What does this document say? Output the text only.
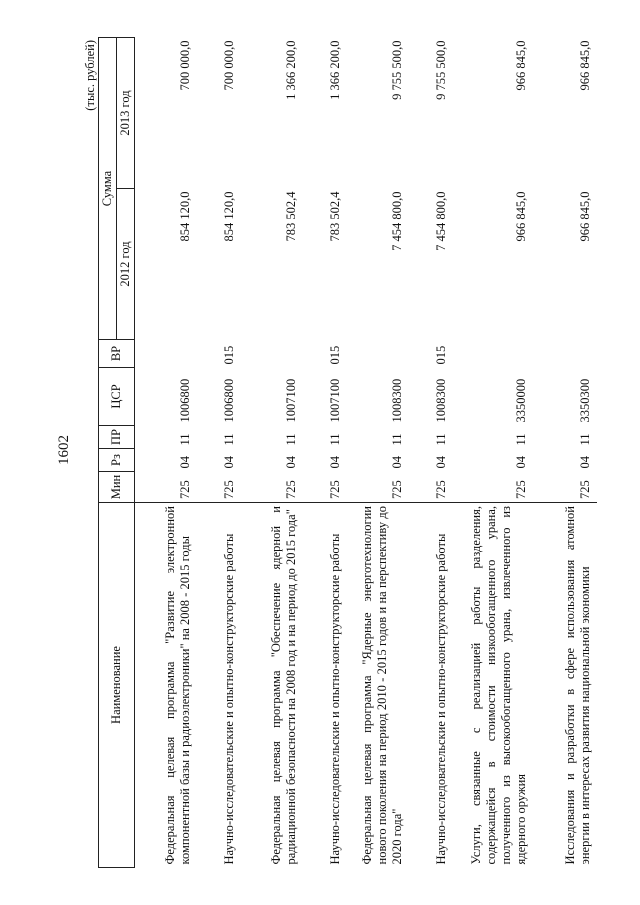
1602
(тыс. рублей)
Наименование	Мин	Рз	ПР	ЦСР	ВР	Сумма	
						2012 год	2013 год
Федеральная целевая программа "Развитие электронной компонентной базы и радиоэлектроники" на 2008 - 2015 годы	725	04	11	1006800		854 120,0	700 000,0
Научно-исследовательские и опытно-конструкторские работы	725	04	11	1006800	015	854 120,0	700 000,0
Федеральная целевая программа "Обеспечение ядерной и радиационной безопасности на 2008 год и на период до 2015 года"	725	04	11	1007100		783 502,4	1 366 200,0
Научно-исследовательские и опытно-конструкторские работы	725	04	11	1007100	015	783 502,4	1 366 200,0
Федеральная целевая программа "Ядерные энерготехнологии нового поколения на период 2010 - 2015 годов и на перспективу до 2020 года"	725	04	11	1008300		7 454 800,0	9 755 500,0
Научно-исследовательские и опытно-конструкторские работы	725	04	11	1008300	015	7 454 800,0	9 755 500,0
Услуги, связанные с реализацией работы разделения, содержащейся в стоимости низкообогащенного урана, полученного из высокообогащенного урана, извлеченного из ядерного оружия	725	04	11	3350000		966 845,0	966 845,0
Исследования и разработки в сфере использования атомной энергии в интересах развития национальной экономики	725	04	11	3350300		966 845,0	966 845,0
